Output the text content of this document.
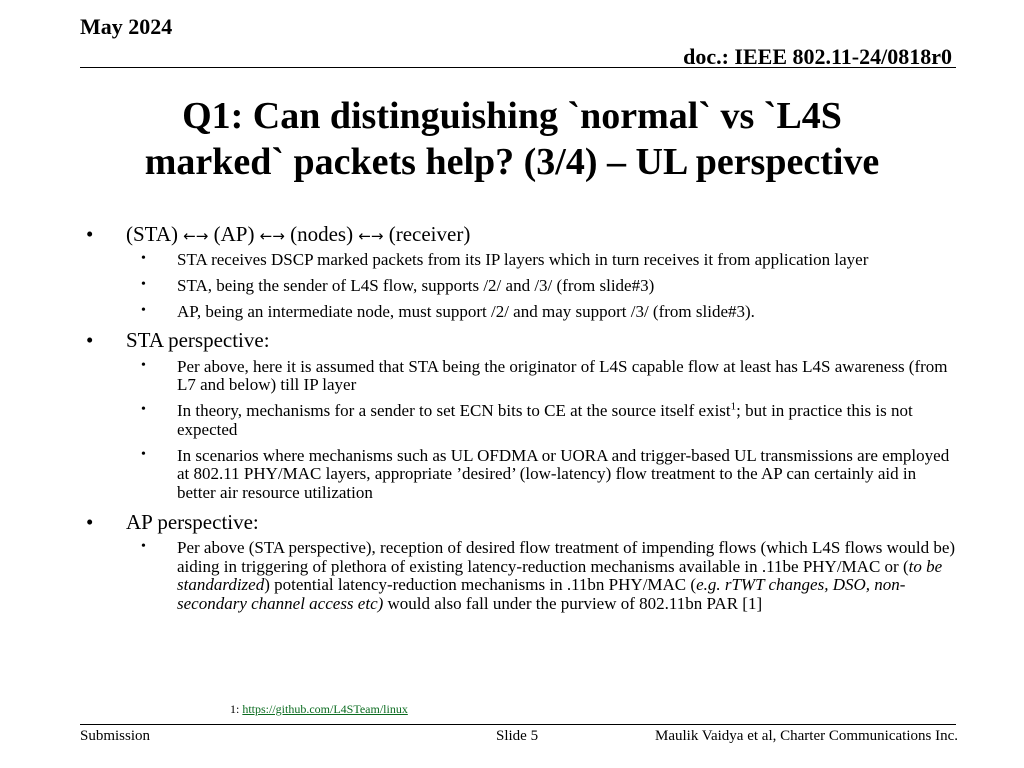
May 2024
doc.: IEEE 802.11-24/0818r0
Q1: Can distinguishing `normal` vs `L4S
marked` packets help? (3/4) – UL perspective
• (STA) ←→ (AP) ←→ (nodes) ←→ (receiver)
• STA receives DSCP marked packets from its IP layers which in turn receives it from application layer
• STA, being the sender of L4S flow, supports /2/ and /3/ (from slide#3)
• AP, being an intermediate node, must support /2/ and may support /3/ (from slide#3).
• STA perspective:
• Per above, here it is assumed that STA being the originator of L4S capable flow at least has L4S awareness (from L7 and below) till IP layer
• In theory, mechanisms for a sender to set ECN bits to CE at the source itself exist$^1$; but in practice this is not expected
• In scenarios where mechanisms such as UL OFDMA or UORA and trigger-based UL transmissions are employed at 802.11 PHY/MAC layers, appropriate ’desired’ (low-latency) flow treatment to the AP can certainly aid in better air resource utilization
• AP perspective:
• Per above (STA perspective), reception of desired flow treatment of impending flows (which L4S flows would be) aiding in triggering of plethora of existing latency-reduction mechanisms available in .11be PHY/MAC or (to be standardized) potential latency-reduction mechanisms in .11bn PHY/MAC (e.g. rTWT changes, DSO, non-secondary channel access etc) would also fall under the purview of 802.11bn PAR [1]
1: https://github.com/L4STeam/linux
Submission	Slide 5	Maulik Vaidya et al, Charter Communications Inc.
